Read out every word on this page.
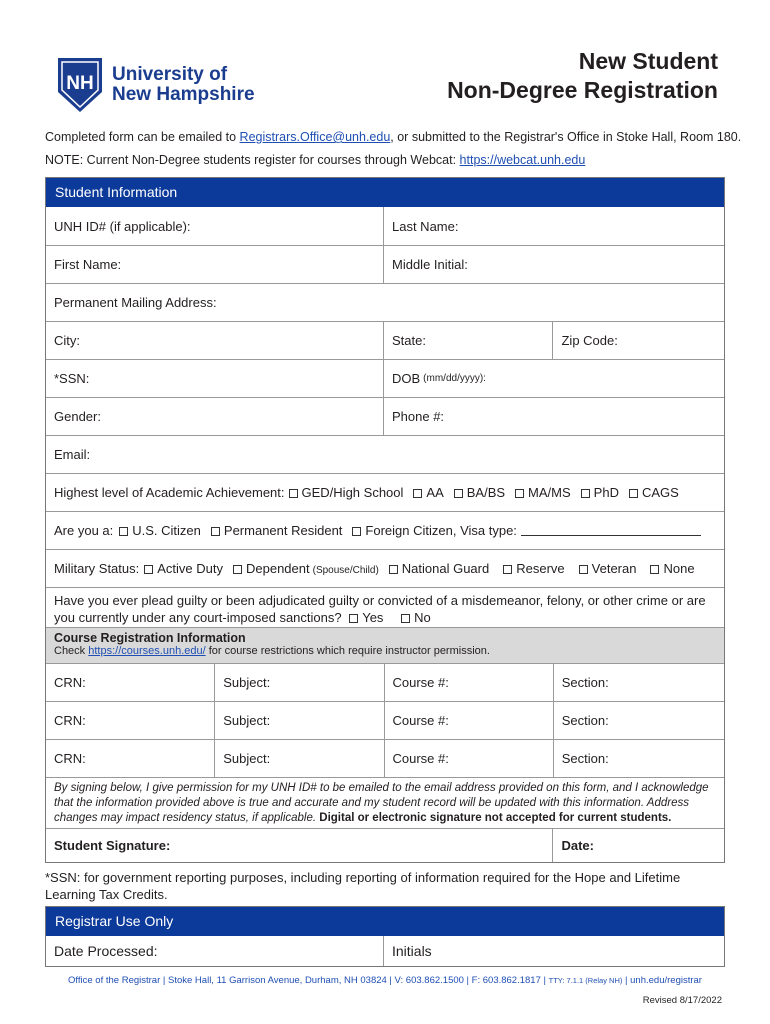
NH University of
New Hampshire
New Student
Non-Degree Registration
Completed form can be emailed to Registrars.Office@unh.edu, or submitted to the Registrar's Office in Stoke Hall, Room 180.
NOTE: Current Non-Degree students register for courses through Webcat: https://webcat.unh.edu
Student Information
UNH ID# (if applicable):	Last Name:
First Name:	Middle Initial:
Permanent Mailing Address:
City:	State:	Zip Code:
*SSN:	DOB (mm/dd/yyyy):
Gender:	Phone #:
Email:
Highest level of Academic Achievement:	GED/High School	AA	BA/BS	MA/MS	PhD	CAGS
Are you a:	U.S. Citizen	Permanent Resident	Foreign Citizen, Visa type:
Military Status:	Active Duty	Dependent (Spouse/Child)	National Guard	Reserve	Veteran	None
Have you ever plead guilty or been adjudicated guilty or convicted of a misdemeanor, felony, or other crime or are you currently under any court-imposed sanctions? Yes No
Course Registration Information
Check https://courses.unh.edu/ for course restrictions which require instructor permission.
CRN:	Subject:	Course #:	Section:
CRN:	Subject:	Course #:	Section:
CRN:	Subject:	Course #:	Section:
By signing below, I give permission for my UNH ID# to be emailed to the email address provided on this form, and I acknowledge that the information provided above is true and accurate and my student record will be updated with this information. Address changes may impact residency status, if applicable. Digital or electronic signature not accepted for current students.
Student Signature:	Date:
*SSN: for government reporting purposes, including reporting of information required for the Hope and Lifetime Learning Tax Credits.
Registrar Use Only
Date Processed:	Initials
Office of the Registrar | Stoke Hall, 11 Garrison Avenue, Durham, NH 03824 | V: 603.862.1500 | F: 603.862.1817 | TTY: 7.1.1 (Relay NH) | unh.edu/registrar
Revised 8/17/2022
